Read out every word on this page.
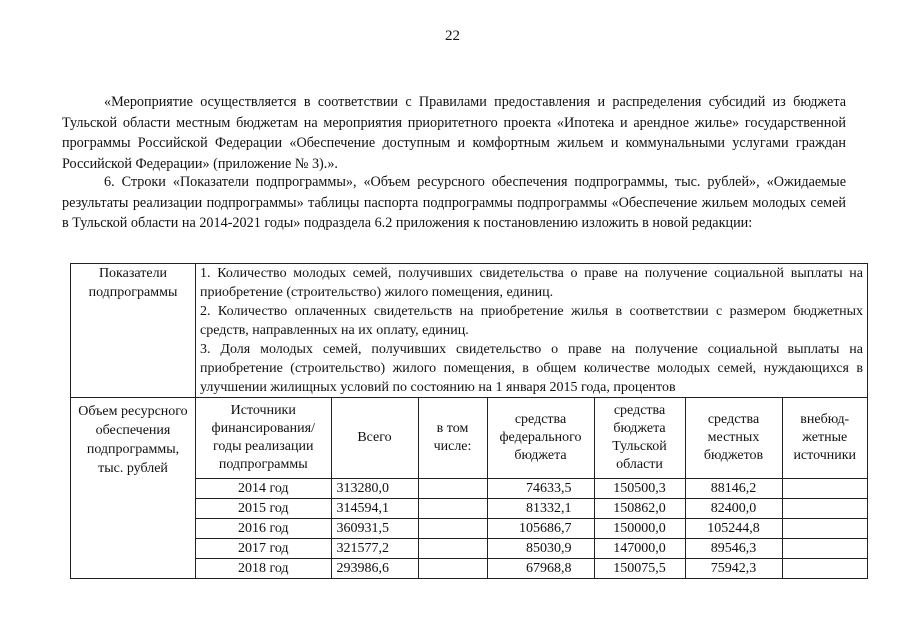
22

«Мероприятие осуществляется в соответствии с Правилами предоставления и распределения субсидий из бюджета Тульской области местным бюджетам на мероприятия приоритетного проекта «Ипотека и арендное жилье» государственной программы Российской Федерации «Обеспечение доступным и комфортным жильем и коммунальными услугами граждан Российской Федерации» (приложение № 3).».

6. Строки «Показатели подпрограммы», «Объем ресурсного обеспечения подпрограммы, тыс. рублей», «Ожидаемые результаты реализации подпрограммы» таблицы паспорта подпрограммы подпрограммы «Обеспечение жильем молодых семей в Тульской области на 2014-2021 годы» подраздела 6.2 приложения к постановлению изложить в новой редакции:

Показатели подпрограммы	

1. Количество молодых семей, получивших свидетельства о праве на получение социальной выплаты на приобретение (строительство) жилого помещения, единиц.

2. Количество оплаченных свидетельств на приобретение жилья в соответствии с размером бюджетных средств, направленных на их оплату, единиц.

3. Доля молодых семей, получивших свидетельство о праве на получение социальной выплаты на приобретение (строительство) жилого помещения, в общем количестве молодых семей, нуждающихся в улучшении жилищных условий по состоянию на 1 января 2015 года, процентов

Объем ресурсного обеспечения подпрограммы, тыс. рублей	
Источники финансирования/ годы реализации подпрограммы	Всего	в том числе:	средства федерального бюджета	средства бюджета Тульской области	средства местных бюджетов	внебюд-жетные источники
2014 год	313280,0		74633,5	150500,3	88146,2	
2015 год	314594,1		81332,1	150862,0	82400,0	
2016 год	360931,5		105686,7	150000,0	105244,8	
2017 год	321577,2		85030,9	147000,0	89546,3	
2018 год	293986,6		67968,8	150075,5	75942,3	
